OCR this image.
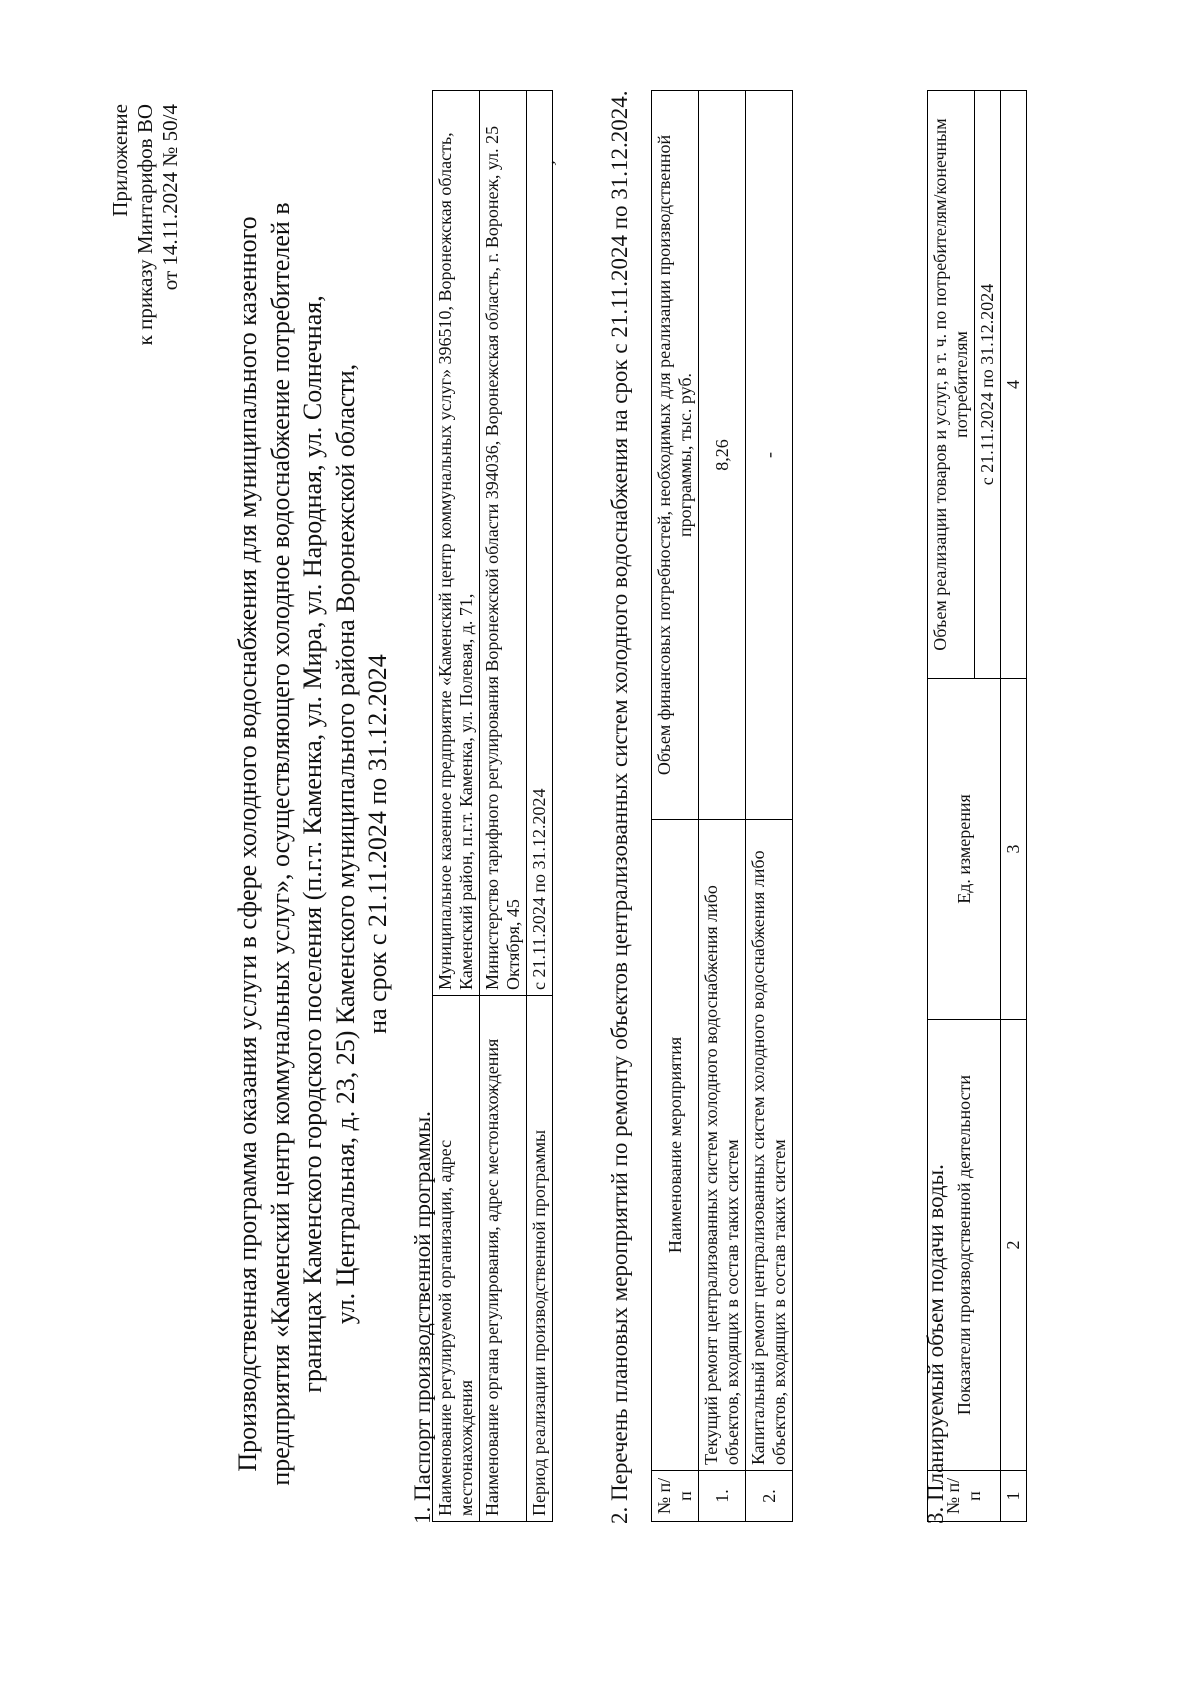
Приложение к приказу Минтарифов ВО от 14.11.2024 № 50/4	‚
Производственная программа оказания услуги в сфере холодного водоснабжения для муниципального казенного предприятия «Каменский центр коммунальных услуг», осуществляющего холодное водоснабжение потребителей в границах Каменского городского поселения (п.г.т. Каменка, ул. Мира, ул. Народная, ул. Солнечная, ул. Центральная, д. 23, 25) Каменского муниципального района Воронежской области, на срок с 21.11.2024 по 31.12.2024
1. Паспорт производственной программы. Наименование регулируемой организации, адрес местонахождения	Муниципальное казенное предприятие «Каменский центр коммунальных услуг» 396510, Воронежская область, Каменский район, п.г.т. Каменка, ул. Полевая, д. 71,
Наименование органа регулирования, адрес местонахождения	Министерство тарифного регулирования Воронежской области 394036, Воронежская область, г. Воронеж, ул. 25 Октября, 45
Период реализации производственной программы	с 21.11.2024 по 31.12.2024	2. Перечень плановых мероприятий по ремонту объектов централизованных систем холодного водоснабжения на срок с 21.11.2024 по 31.12.2024. № п/п	Наименование мероприятия	Объем финансовых потребностей, необходимых для реализации производственной программы, тыс. руб.
1.	Текущий ремонт централизованных систем холодного водоснабжения либо объектов, входящих в состав таких систем	8,26
2.	Капитальный ремонт централизованных систем холодного водоснабжения либо объектов, входящих в состав таких систем	-
3. Планируемый объем подачи воды.
№ п/п	Показатели производственной деятельности	Ед. измерения	Объем реализации товаров и услуг, в т. ч. по потребителям/конечным потребителям
			с 21.11.2024 по 31.12.2024
1	2	3	4
